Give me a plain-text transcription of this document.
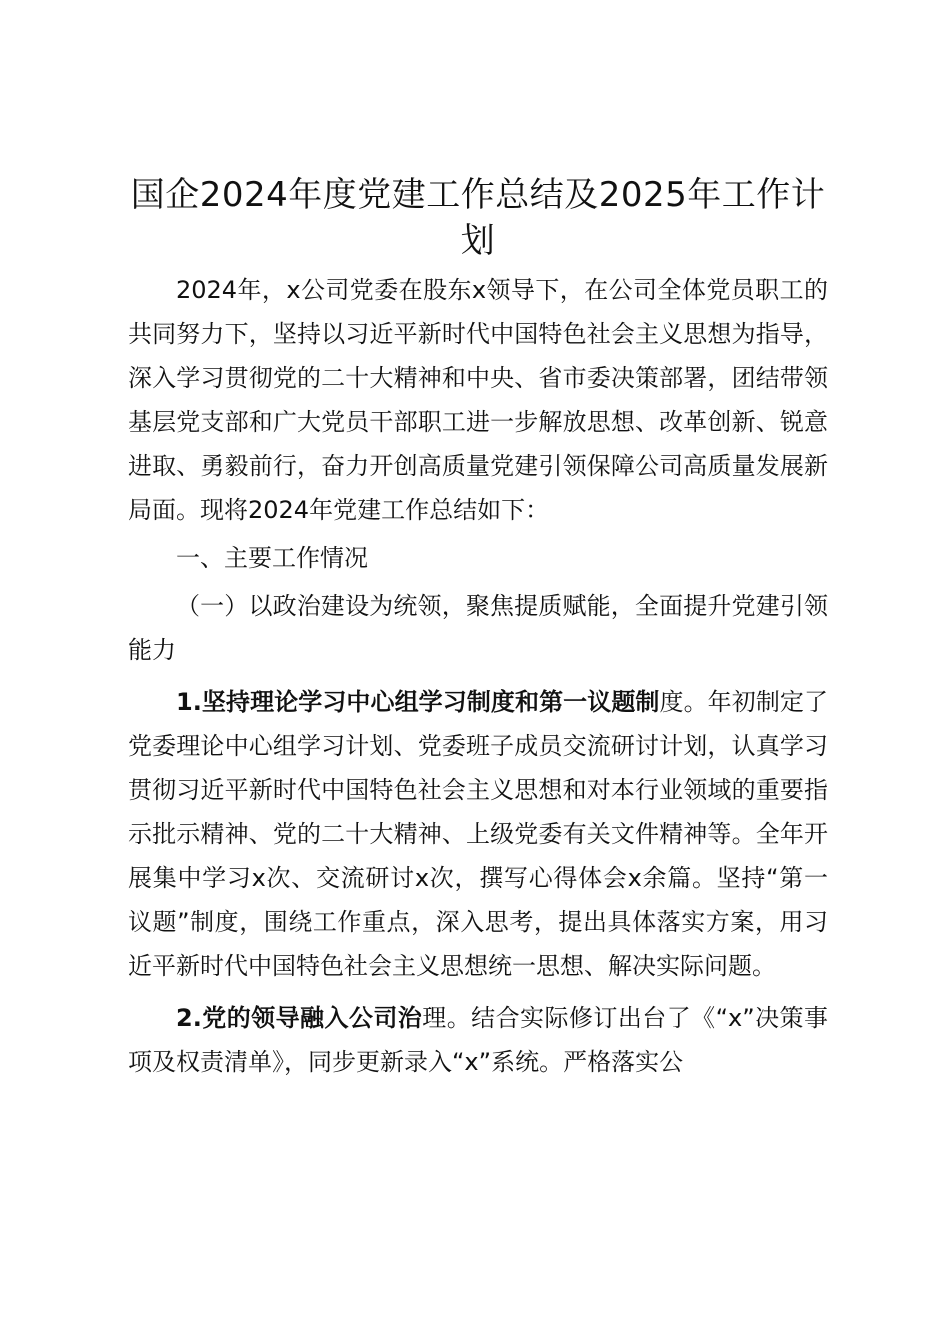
国企2024年度党建工作总结及2025年工作计划

2024年，x公司党委在股东x领导下，在公司全体党员职工的共同努力下，坚持以习近平新时代中国特色社会主义思想为指导，深入学习贯彻党的二十大精神和中央、省市委决策部署，团结带领基层党支部和广大党员干部职工进一步解放思想、改革创新、锐意进取、勇毅前行，奋力开创高质量党建引领保障公司高质量发展新局面。现将2024年党建工作总结如下：

一、主要工作情况

（一）以政治建设为统领，聚焦提质赋能，全面提升党建引领能力

1.坚持理论学习中心组学习制度和第一议题制度。年初制定了党委理论中心组学习计划、党委班子成员交流研讨计划，认真学习贯彻习近平新时代中国特色社会主义思想和对本行业领域的重要指示批示精神、党的二十大精神、上级党委有关文件精神等。全年开展集中学习x次、交流研讨x次，撰写心得体会x余篇。坚持“第一议题”制度，围绕工作重点，深入思考，提出具体落实方案，用习近平新时代中国特色社会主义思想统一思想、解决实际问题。

2.党的领导融入公司治理。结合实际修订出台了《“x”决策事项及权责清单》，同步更新录入“x”系统。严格落实公
